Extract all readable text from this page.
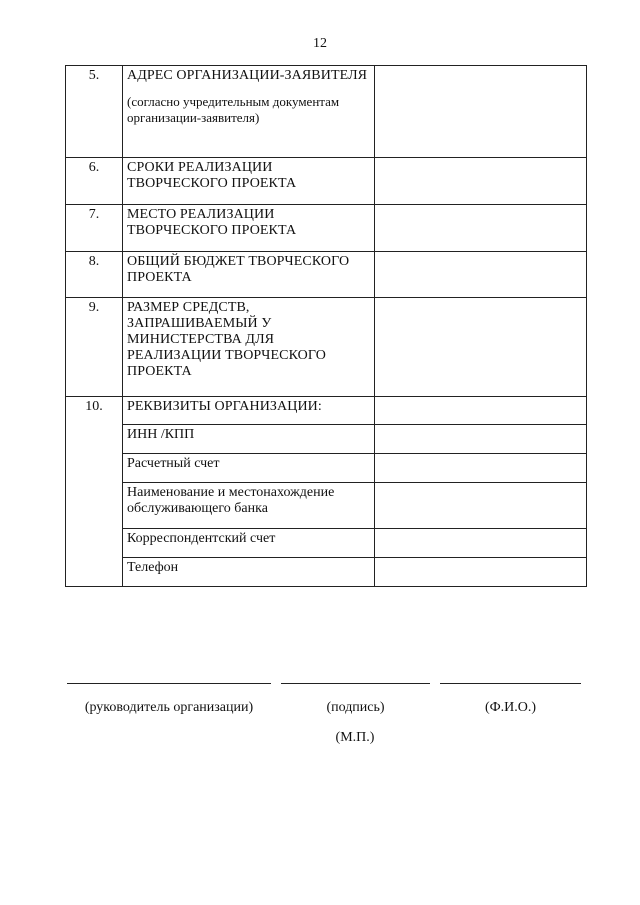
12
5.	АДРЕС ОРГАНИЗАЦИИ-ЗАЯВИТЕЛЯ
(согласно учредительным документам организации-заявителя)	

6.	СРОКИ РЕАЛИЗАЦИИ ТВОРЧЕСКОГО ПРОЕКТА	
7.	МЕСТО РЕАЛИЗАЦИИ ТВОРЧЕСКОГО ПРОЕКТА	
8.	ОБЩИЙ БЮДЖЕТ ТВОРЧЕСКОГО ПРОЕКТА	
9.	РАЗМЕР СРЕДСТВ, ЗАПРАШИВАЕМЫЙ У МИНИСТЕРСТВА ДЛЯ РЕАЛИЗАЦИИ ТВОРЧЕСКОГО ПРОЕКТА	
10.	РЕКВИЗИТЫ ОРГАНИЗАЦИИ:	
	ИНН /КПП	
	Расчетный счет	
	Наименование и местонахождение обслуживающего банка	
	Корреспондентский счет	
	Телефон	
(руководитель организации)	(подпись)	(Ф.И.О.)
(М.П.)
